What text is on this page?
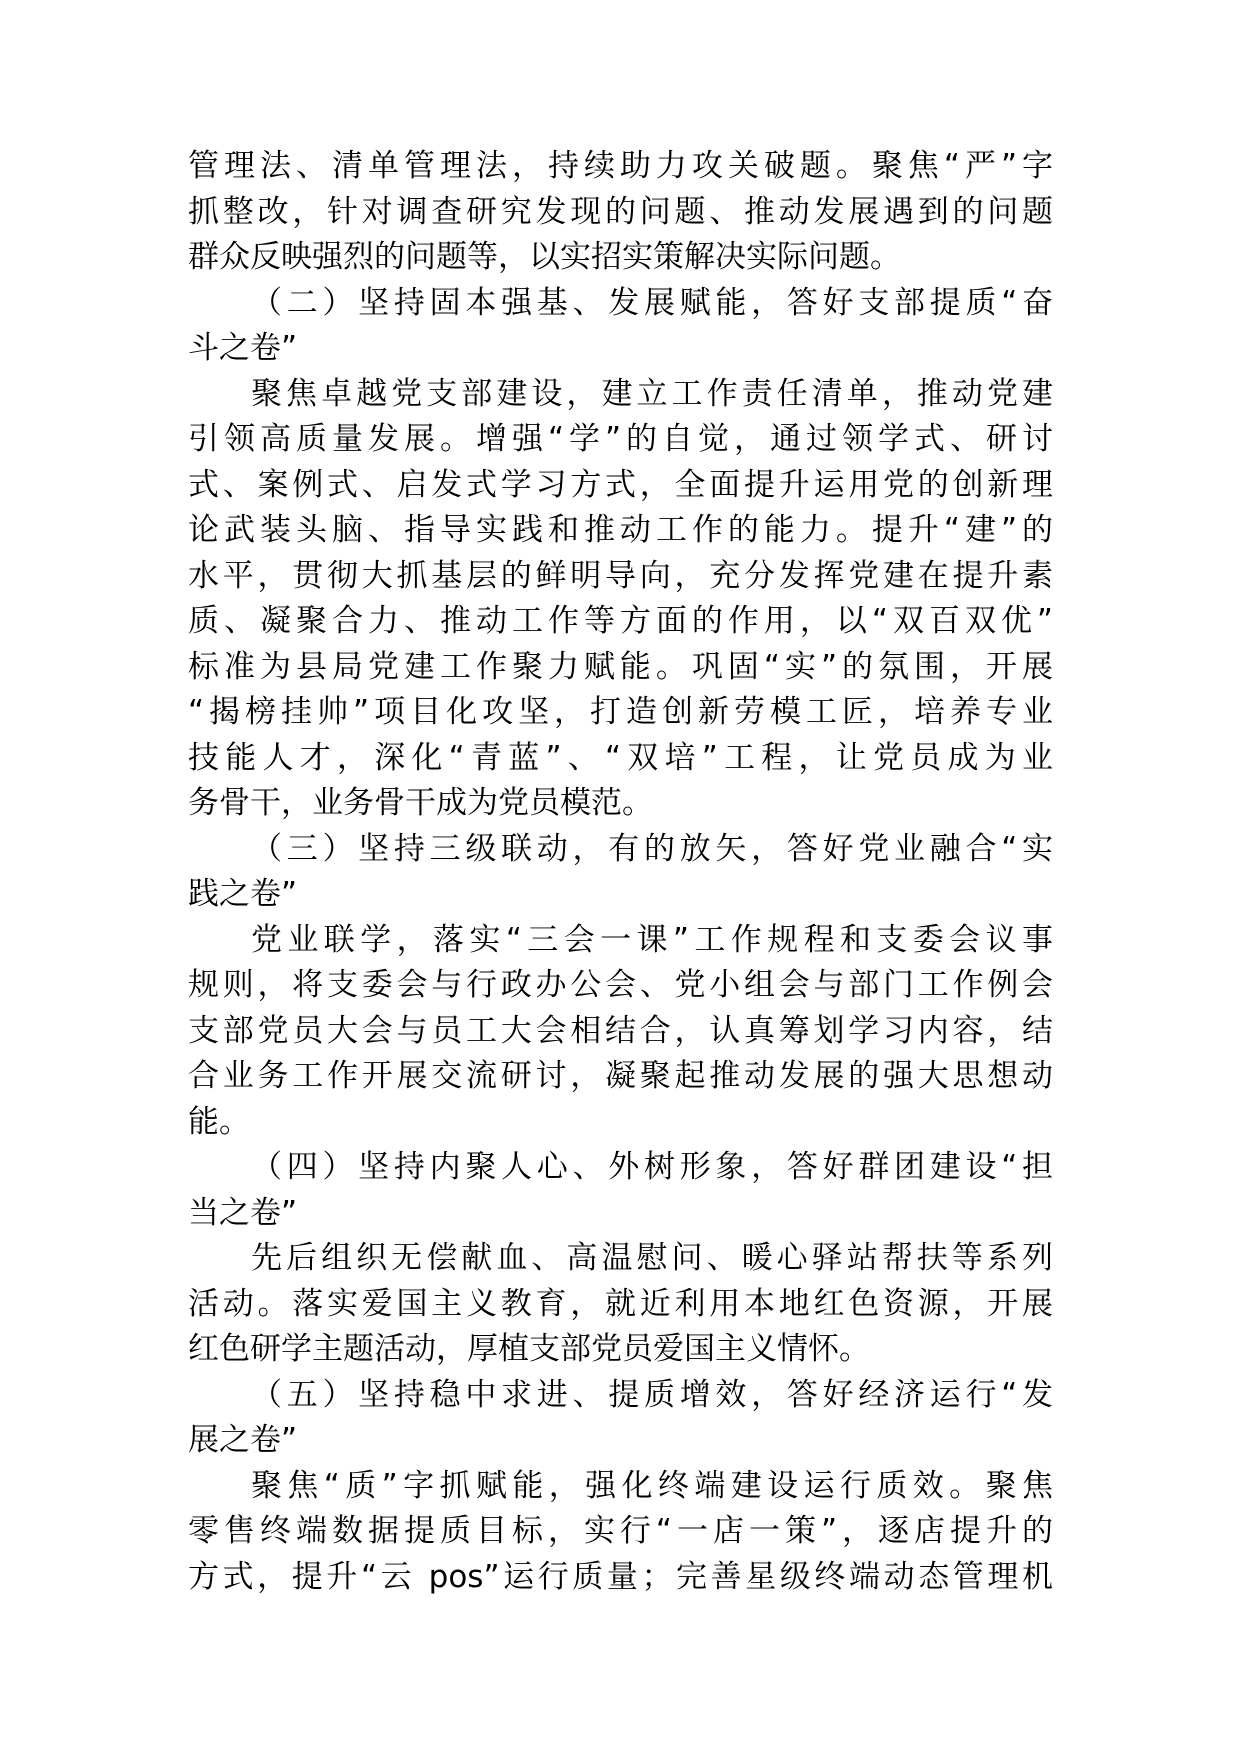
管理法、清单管理法，持续助力攻关破题。聚焦“严”字
抓整改，针对调查研究发现的问题、推动发展遇到的问题
群众反映强烈的问题等，以实招实策解决实际问题。
（二）坚持固本强基、发展赋能，答好支部提质“奋
斗之卷”
聚焦卓越党支部建设，建立工作责任清单，推动党建
引领高质量发展。增强“学”的自觉，通过领学式、研讨
式、案例式、启发式学习方式，全面提升运用党的创新理
论武装头脑、指导实践和推动工作的能力。提升“建”的
水平，贯彻大抓基层的鲜明导向，充分发挥党建在提升素
质、凝聚合力、推动工作等方面的作用，以“双百双优”
标准为县局党建工作聚力赋能。巩固“实”的氛围，开展
“揭榜挂帅”项目化攻坚，打造创新劳模工匠，培养专业
技能人才，深化“青蓝”、“双培”工程，让党员成为业
务骨干，业务骨干成为党员模范。
（三）坚持三级联动，有的放矢，答好党业融合“实
践之卷”
党业联学，落实“三会一课”工作规程和支委会议事
规则，将支委会与行政办公会、党小组会与部门工作例会
支部党员大会与员工大会相结合，认真筹划学习内容，结
合业务工作开展交流研讨，凝聚起推动发展的强大思想动
能。
（四）坚持内聚人心、外树形象，答好群团建设“担
当之卷”
先后组织无偿献血、高温慰问、暖心驿站帮扶等系列
活动。落实爱国主义教育，就近利用本地红色资源，开展
红色研学主题活动，厚植支部党员爱国主义情怀。
（五）坚持稳中求进、提质增效，答好经济运行“发
展之卷”
聚焦“质”字抓赋能，强化终端建设运行质效。聚焦
零售终端数据提质目标，实行“一店一策”，逐店提升的
方式，提升“云 pos”运行质量；完善星级终端动态管理机
